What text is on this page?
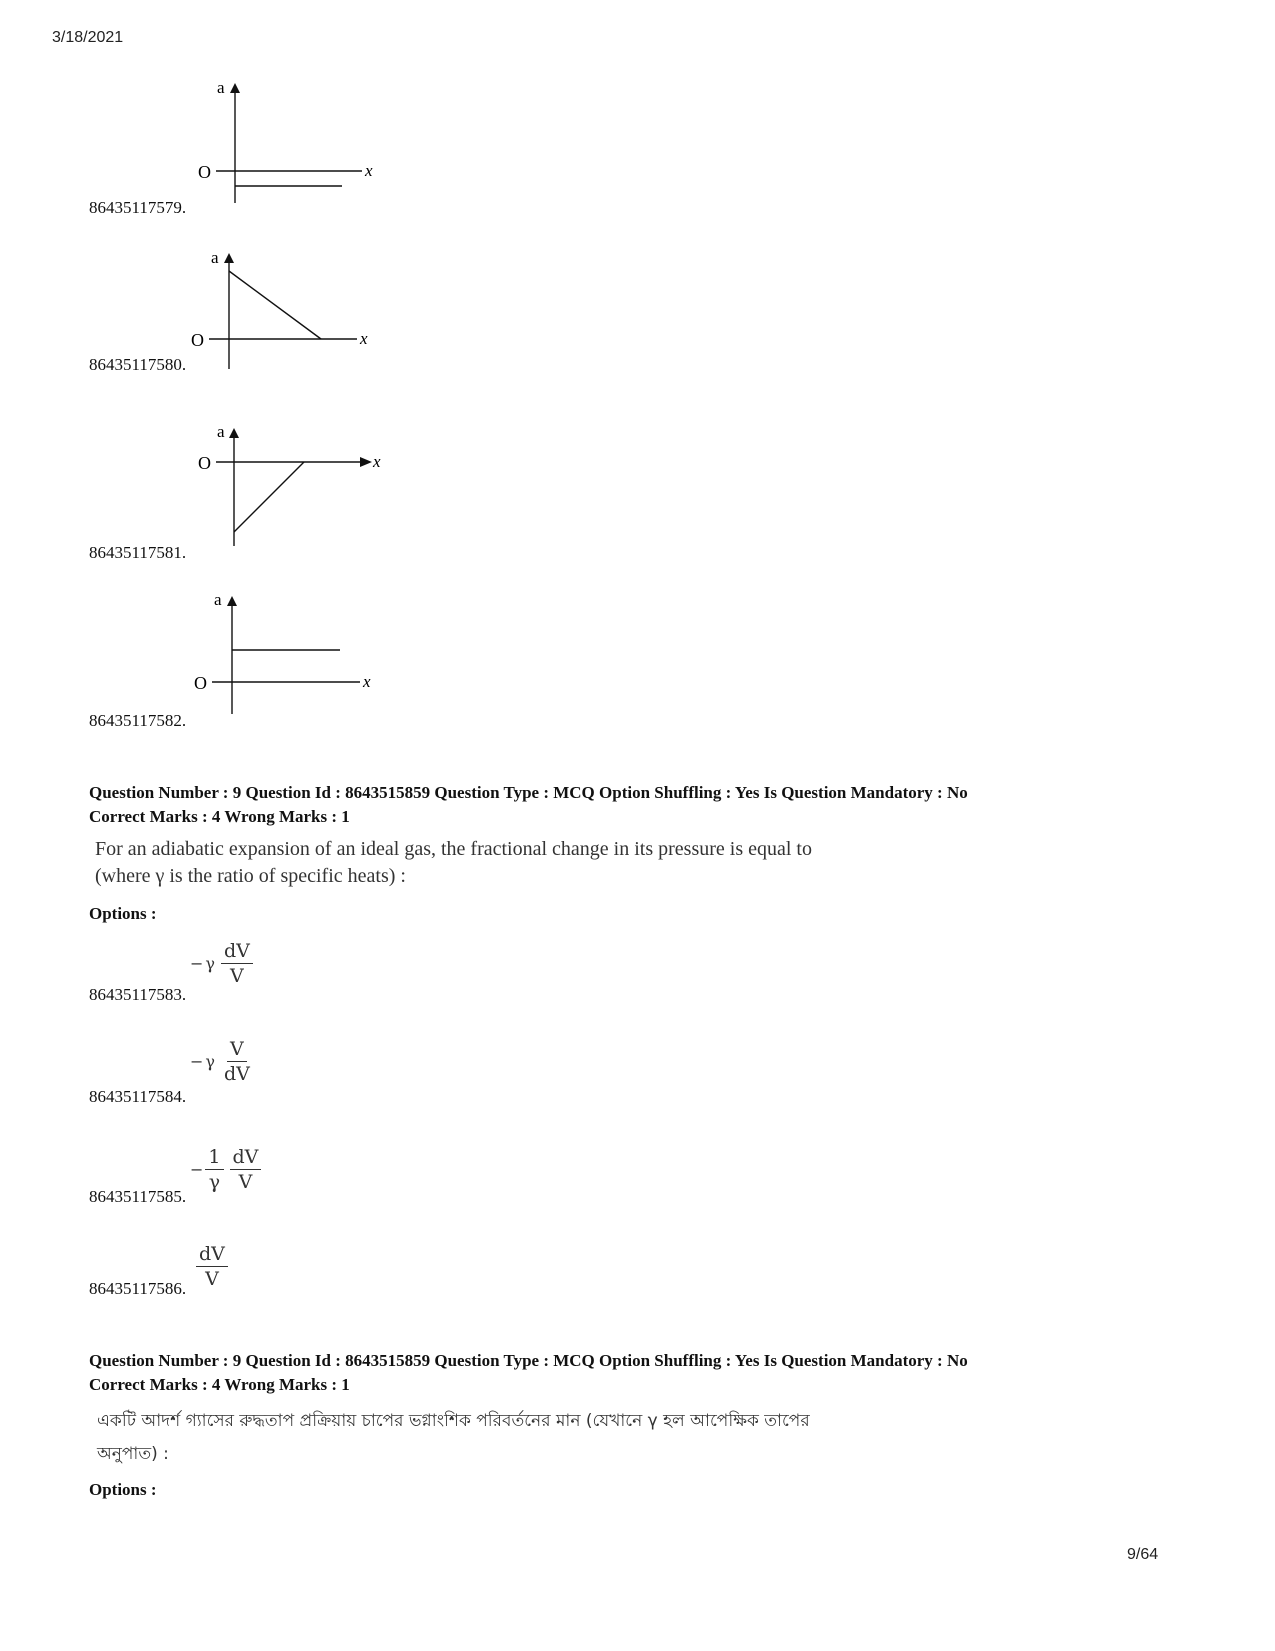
3/18/2021
a
O	x
86435117579.
a
O	x
86435117580.
a
O	x
86435117581.
a
O	x
86435117582.
Question Number : 9 Question Id : 8643515859 Question Type : MCQ Option Shuffling : Yes Is Question Mandatory : No
Correct Marks : 4 Wrong Marks : 1
For an adiabatic expansion of an ideal gas, the fractional change in its pressure is equal to
(where γ is the ratio of specific heats) :
Options :
− γ $\frac{dV}{V}$
86435117583.
− γ $\frac{V}{dV}$
86435117584.
− $\frac{1}{\gamma} \frac{dV}{V}$
86435117585.
$\frac{dV}{V}$
86435117586.
Question Number : 9 Question Id : 8643515859 Question Type : MCQ Option Shuffling : Yes Is Question Mandatory : No
Correct Marks : 4 Wrong Marks : 1
একটি আদর্শ গ্যাসের রুদ্ধতাপ প্রক্রিয়ায় চাপের ভগ্নাংশিক পরিবর্তনের মান (যেখানে γ হল আপেক্ষিক তাপের
অনুপাত) :
Options :
9/64
